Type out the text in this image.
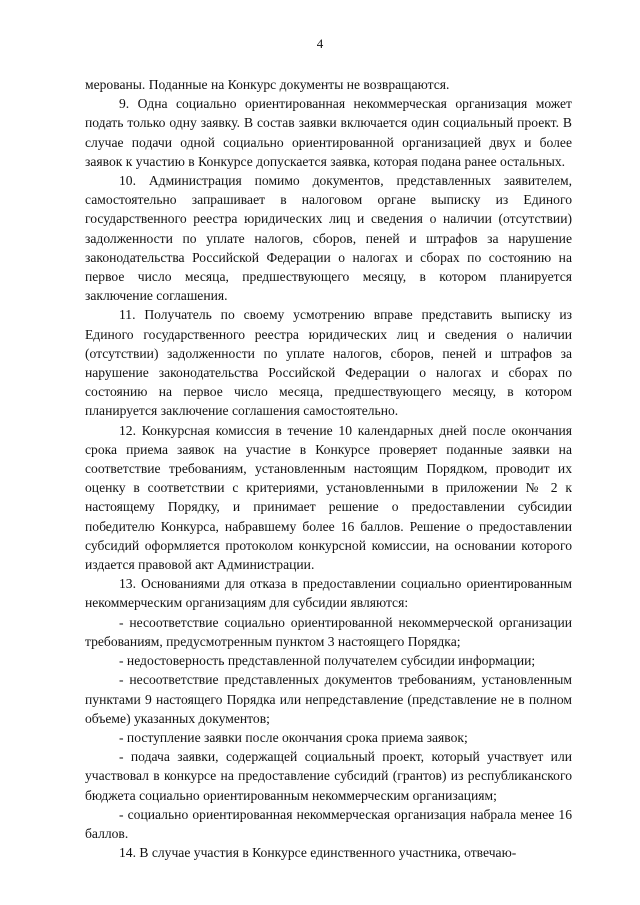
4

мерованы. Поданные на Конкурс документы не возвращаются.

9. Одна социально ориентированная некоммерческая организация может подать только одну заявку. В состав заявки включается один социальный проект. В случае подачи одной социально ориентированной организацией двух и более заявок к участию в Конкурсе допускается заявка, которая подана ранее остальных.

10. Администрация помимо документов, представленных заявителем, самостоятельно запрашивает в налоговом органе выписку из Единого государственного реестра юридических лиц и сведения о наличии (отсутствии) задолженности по уплате налогов, сборов, пеней и штрафов за нарушение законодательства Российской Федерации о налогах и сборах по состоянию на первое число месяца, предшествующего месяцу, в котором планируется заключение соглашения.

11. Получатель по своему усмотрению вправе представить выписку из Единого государственного реестра юридических лиц и сведения о наличии (отсутствии) задолженности по уплате налогов, сборов, пеней и штрафов за нарушение законодательства Российской Федерации о налогах и сборах по состоянию на первое число месяца, предшествующего месяцу, в котором планируется заключение соглашения самостоятельно.

12. Конкурсная комиссия в течение 10 календарных дней после окончания срока приема заявок на участие в Конкурсе проверяет поданные заявки на соответствие требованиям, установленным настоящим Порядком, проводит их оценку в соответствии с критериями, установленными в приложении № 2 к настоящему Порядку, и принимает решение о предоставлении субсидии победителю Конкурса, набравшему более 16 баллов. Решение о предоставлении субсидий оформляется протоколом конкурсной комиссии, на основании которого издается правовой акт Администрации.

13. Основаниями для отказа в предоставлении социально ориентированным некоммерческим организациям для субсидии являются:

- несоответствие социально ориентированной некоммерческой организации требованиям, предусмотренным пунктом 3 настоящего Порядка;

- недостоверность представленной получателем субсидии информации;

- несоответствие представленных документов требованиям, установленным пунктами 9 настоящего Порядка или непредставление (представление не в полном объеме) указанных документов;

- поступление заявки после окончания срока приема заявок;

- подача заявки, содержащей социальный проект, который участвует или участвовал в конкурсе на предоставление субсидий (грантов) из республиканского бюджета социально ориентированным некоммерческим организациям;

- социально ориентированная некоммерческая организация набрала менее 16 баллов.

14. В случае участия в Конкурсе единственного участника, отвечаю-
